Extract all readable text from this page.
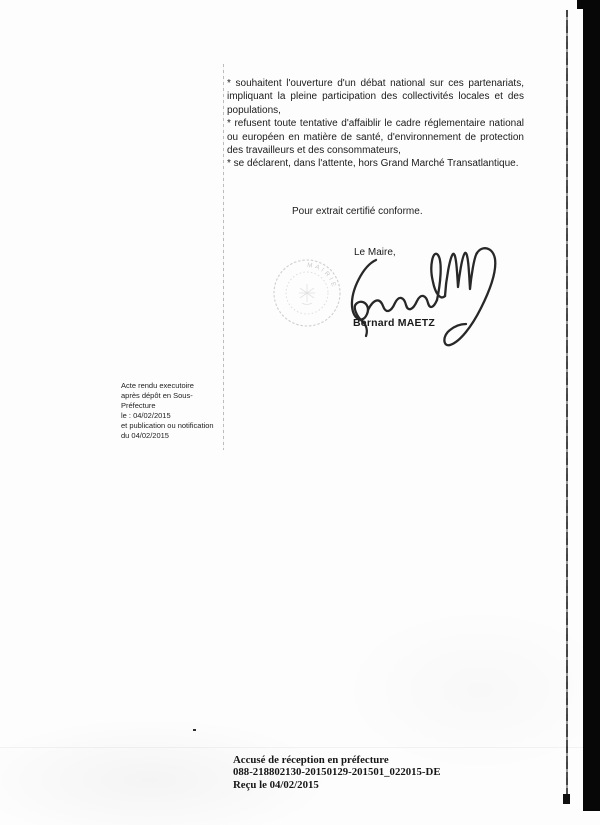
* souhaitent l'ouverture d'un débat national sur ces partenariats, impliquant la pleine participation des collectivités locales et des populations,

* refusent toute tentative d'affaiblir le cadre réglementaire national ou européen en matière de santé, d'environnement de protection des travailleurs et des consommateurs,

* se déclarent, dans l'attente, hors Grand Marché Transatlantique.

Pour extrait certifié conforme.
Le Maire,
MAIRIE
Bernard MAETZ
Acte rendu executoire
après dépôt en Sous-
Préfecture
le : 04/02/2015
et publication ou notification
du 04/02/2015
Accusé de réception en préfecture
088-218802130-20150129-201501_022015-DE
Reçu le 04/02/2015
